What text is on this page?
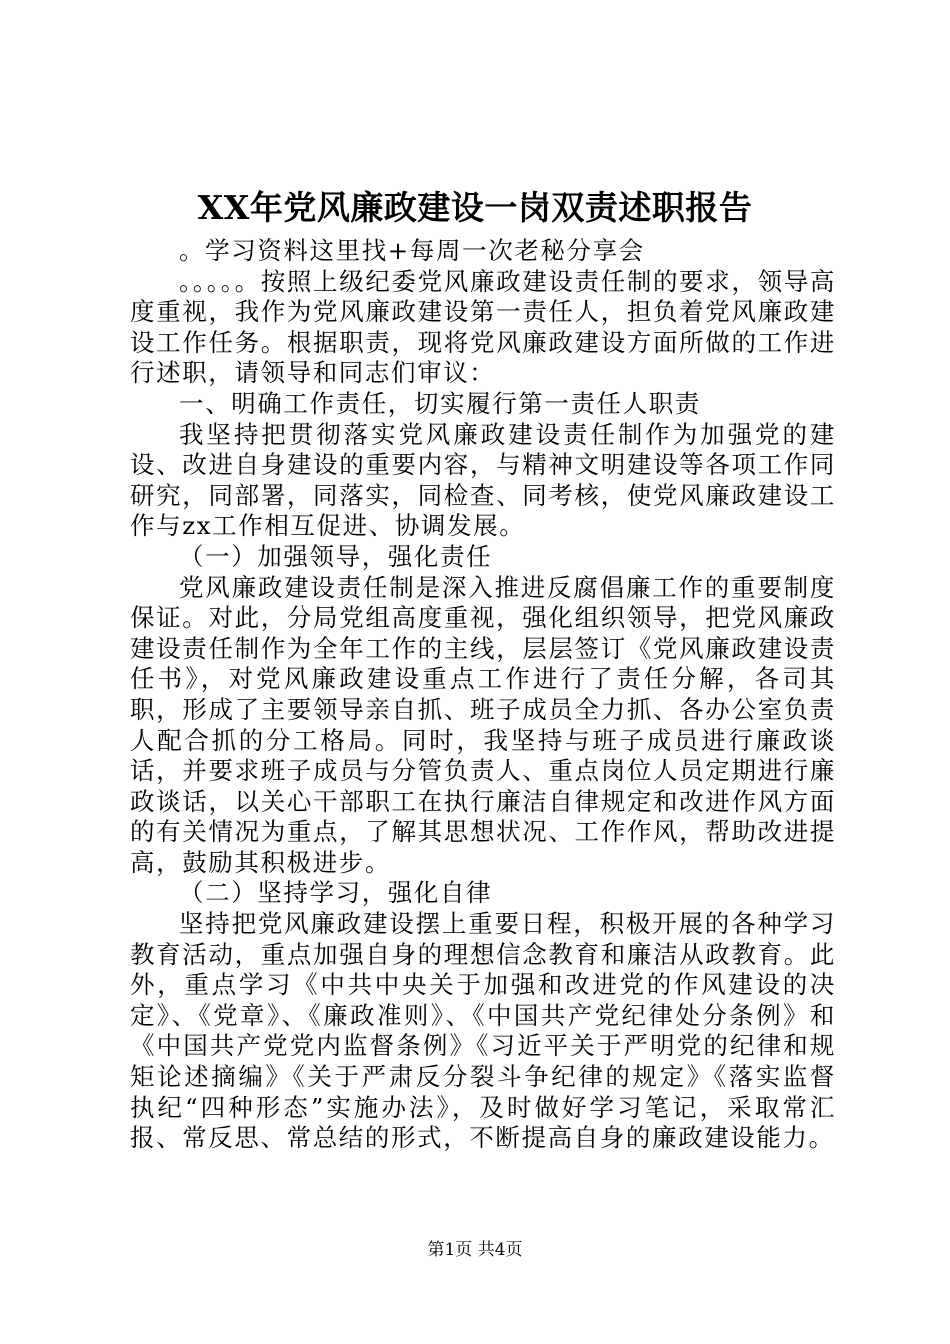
XX年党风廉政建设一岗双责述职报告

。学习资料这里找+每周一次老秘分享会

。。。。。按照上级纪委党风廉政建设责任制的要求，领导高度重视，我作为党风廉政建设第一责任人，担负着党风廉政建设工作任务。根据职责，现将党风廉政建设方面所做的工作进行述职，请领导和同志们审议：

一、明确工作责任，切实履行第一责任人职责

我坚持把贯彻落实党风廉政建设责任制作为加强党的建设、改进自身建设的重要内容，与精神文明建设等各项工作同研究，同部署，同落实，同检查、同考核，使党风廉政建设工作与zx工作相互促进、协调发展。

（一）加强领导，强化责任

党风廉政建设责任制是深入推进反腐倡廉工作的重要制度保证。对此，分局党组高度重视，强化组织领导，把党风廉政建设责任制作为全年工作的主线，层层签订《党风廉政建设责任书》，对党风廉政建设重点工作进行了责任分解，各司其职，形成了主要领导亲自抓、班子成员全力抓、各办公室负责人配合抓的分工格局。同时，我坚持与班子成员进行廉政谈话，并要求班子成员与分管负责人、重点岗位人员定期进行廉政谈话，以关心干部职工在执行廉洁自律规定和改进作风方面的有关情况为重点，了解其思想状况、工作作风，帮助改进提高，鼓励其积极进步。

（二）坚持学习，强化自律

坚持把党风廉政建设摆上重要日程，积极开展的各种学习教育活动，重点加强自身的理想信念教育和廉洁从政教育。此外，重点学习《中共中央关于加强和改进党的作风建设的决定》、《党章》、《廉政准则》、《中国共产党纪律处分条例》和《中国共产党党内监督条例》《习近平关于严明党的纪律和规矩论述摘编》《关于严肃反分裂斗争纪律的规定》《落实监督执纪“四种形态”实施办法》，及时做好学习笔记，采取常汇报、常反思、常总结的形式，不断提高自身的廉政建设能力。

第1页 共4页
